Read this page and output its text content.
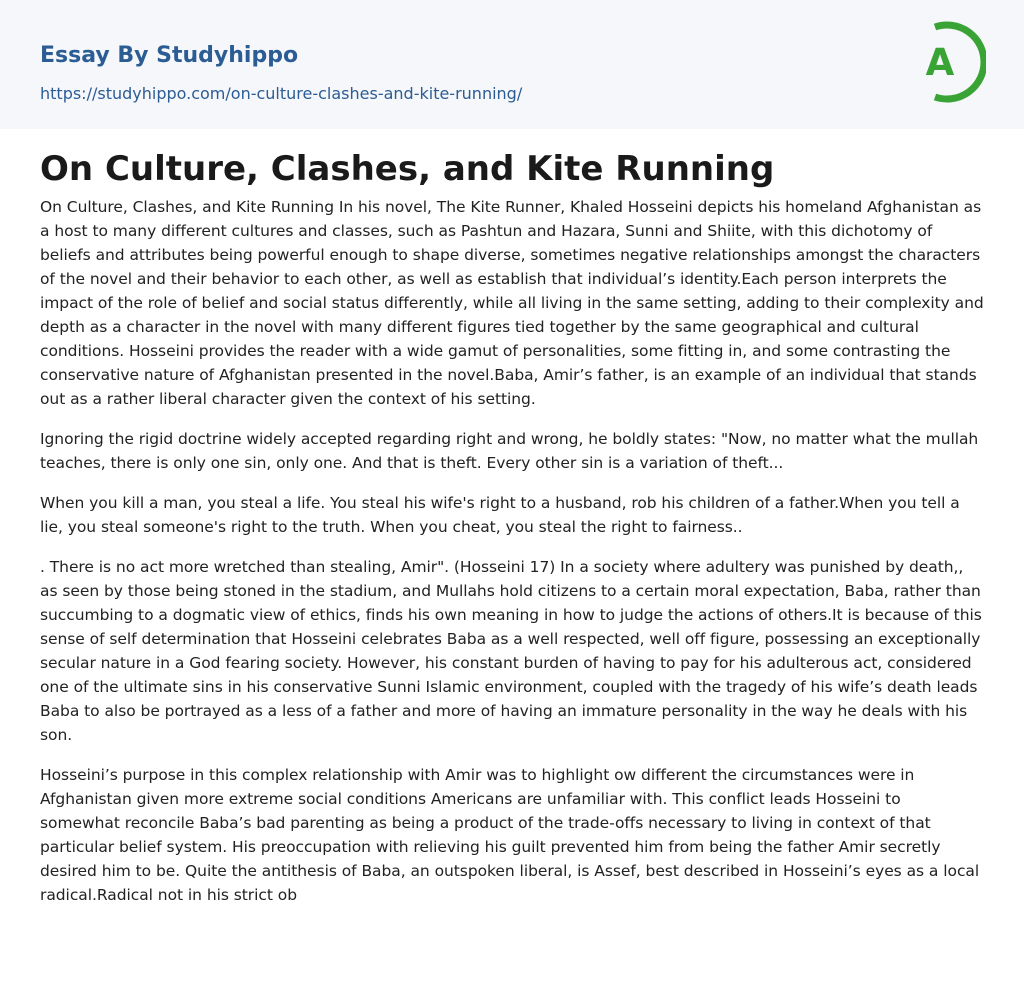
Essay By Studyhippo
https://studyhippo.com/on-culture-clashes-and-kite-running/
A
On Culture, Clashes, and Kite Running

On Culture, Clashes, and Kite Running In his novel, The Kite Runner, Khaled Hosseini depicts his homeland Afghanistan as a host to many different cultures and classes, such as Pashtun and Hazara, Sunni and Shiite, with this dichotomy of beliefs and attributes being powerful enough to shape diverse, sometimes negative relationships amongst the characters of the novel and their behavior to each other, as well as establish that individual’s identity.Each person interprets the impact of the role of belief and social status differently, while all living in the same setting, adding to their complexity and depth as a character in the novel with many different figures tied together by the same geographical and cultural conditions. Hosseini provides the reader with a wide gamut of personalities, some fitting in, and some contrasting the conservative nature of Afghanistan presented in the novel.Baba, Amir’s father, is an example of an individual that stands out as a rather liberal character given the context of his setting.

Ignoring the rigid doctrine widely accepted regarding right and wrong, he boldly states: "Now, no matter what the mullah teaches, there is only one sin, only one. And that is theft. Every other sin is a variation of theft...

When you kill a man, you steal a life. You steal his wife's right to a husband, rob his children of a father.When you tell a lie, you steal someone's right to the truth. When you cheat, you steal the right to fairness..

. There is no act more wretched than stealing, Amir". (Hosseini 17) In a society where adultery was punished by death,, as seen by those being stoned in the stadium, and Mullahs hold citizens to a certain moral expectation, Baba, rather than succumbing to a dogmatic view of ethics, finds his own meaning in how to judge the actions of others.It is because of this sense of self determination that Hosseini celebrates Baba as a well respected, well off figure, possessing an exceptionally secular nature in a God fearing society. However, his constant burden of having to pay for his adulterous act, considered one of the ultimate sins in his conservative Sunni Islamic environment, coupled with the tragedy of his wife’s death leads Baba to also be portrayed as a less of a father and more of having an immature personality in the way he deals with his son.

Hosseini’s purpose in this complex relationship with Amir was to highlight ow different the circumstances were in Afghanistan given more extreme social conditions Americans are unfamiliar with. This conflict leads Hosseini to somewhat reconcile Baba’s bad parenting as being a product of the trade-offs necessary to living in context of that particular belief system. His preoccupation with relieving his guilt prevented him from being the father Amir secretly desired him to be. Quite the antithesis of Baba, an outspoken liberal, is Assef, best described in Hosseini’s eyes as a local radical.Radical not in his strict ob
